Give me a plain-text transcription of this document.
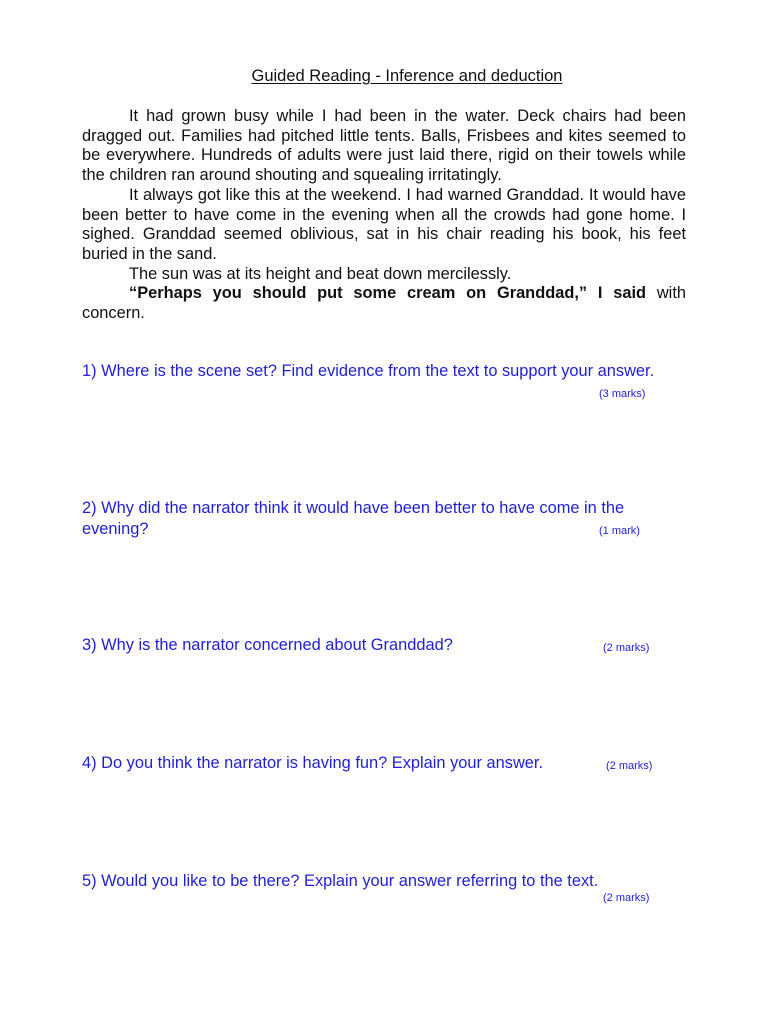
Guided Reading - Inference and deduction

It had grown busy while I had been in the water. Deck chairs had been dragged out. Families had pitched little tents. Balls, Frisbees and kites seemed to be everywhere. Hundreds of adults were just laid there, rigid on their towels while the children ran around shouting and squealing irritatingly.

It always got like this at the weekend. I had warned Granddad. It would have been better to have come in the evening when all the crowds had gone home. I sighed. Granddad seemed oblivious, sat in his chair reading his book, his feet buried in the sand.

The sun was at its height and beat down mercilessly.

“Perhaps you should put some cream on Granddad,” I said with concern.

1) Where is the scene set? Find evidence from the text to support your answer.
(3 marks)
2) Why did the narrator think it would have been better to have come in the evening?	(1 mark)
3) Why is the narrator concerned about Granddad?	(2 marks)
4) Do you think the narrator is having fun? Explain your answer.	(2 marks)
5) Would you like to be there? Explain your answer referring to the text.
(2 marks)
